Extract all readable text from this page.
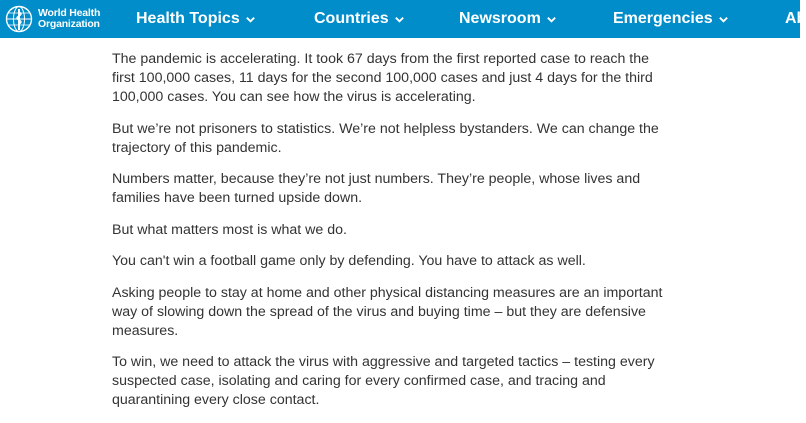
World Health
Organization Health Topics	Countries	Newsroom	Emergencies	Ab

The pandemic is accelerating. It took 67 days from the first reported case to reach the first 100,000 cases, 11 days for the second 100,000 cases and just 4 days for the third 100,000 cases. You can see how the virus is accelerating.

But we’re not prisoners to statistics. We’re not helpless bystanders. We can change the trajectory of this pandemic.

Numbers matter, because they’re not just numbers. They’re people, whose lives and families have been turned upside down.

But what matters most is what we do.

You can't win a football game only by defending. You have to attack as well.

Asking people to stay at home and other physical distancing measures are an important way of slowing down the spread of the virus and buying time – but they are defensive measures.

To win, we need to attack the virus with aggressive and targeted tactics – testing every suspected case, isolating and caring for every confirmed case, and tracing and quarantining every close contact.
